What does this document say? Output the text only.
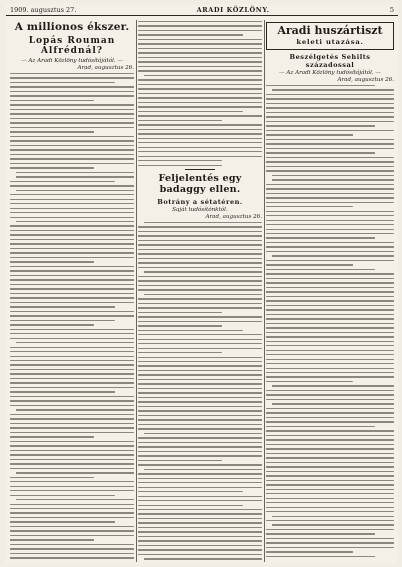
1909. augusztus 27.	ARADI KÖZLÖNY.	5
A millionos ékszer.
Lopás Rouman Alfrédnál?
— Az Aradi Közlöny tudósítójától. —
Arad, augusztus 26.
Feljelentés egy badaggy ellen.
Botrány a sétatéren.
Saját tudósítónktól.
Arad, augusztus 26.
Aradi huszártiszt
keleti utazása.
Beszélgetés Sehilts századossal
— Az Aradi Közlöny tudósítójától. —
Arad, augusztus 26.
